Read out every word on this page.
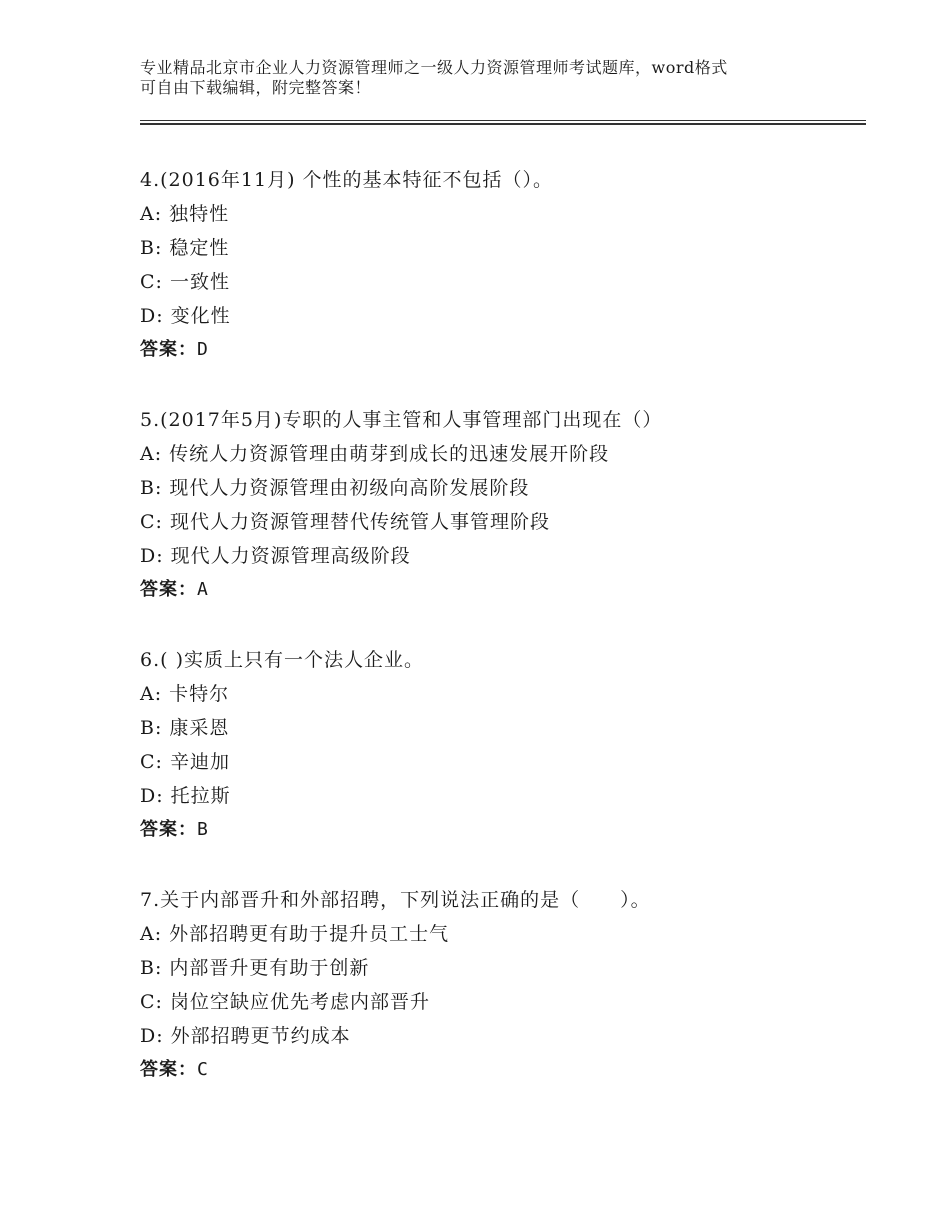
专业精品北京市企业人力资源管理师之一级人力资源管理师考试题库，word格式
可自由下载编辑，附完整答案！
4.(2016年11月) 个性的基本特征不包括（）。
A: 独特性
B: 稳定性
C: 一致性
D: 变化性
答案：D
5.(2017年5月)专职的人事主管和人事管理部门出现在（）
A: 传统人力资源管理由萌芽到成长的迅速发展开阶段
B: 现代人力资源管理由初级向高阶发展阶段
C: 现代人力资源管理替代传统管人事管理阶段
D: 现代人力资源管理高级阶段
答案：A
6.( )实质上只有一个法人企业。
A: 卡特尔
B: 康采恩
C: 辛迪加
D: 托拉斯
答案：B
7.关于内部晋升和外部招聘，下列说法正确的是（　　）。
A: 外部招聘更有助于提升员工士气
B: 内部晋升更有助于创新
C: 岗位空缺应优先考虑内部晋升
D: 外部招聘更节约成本
答案：C
